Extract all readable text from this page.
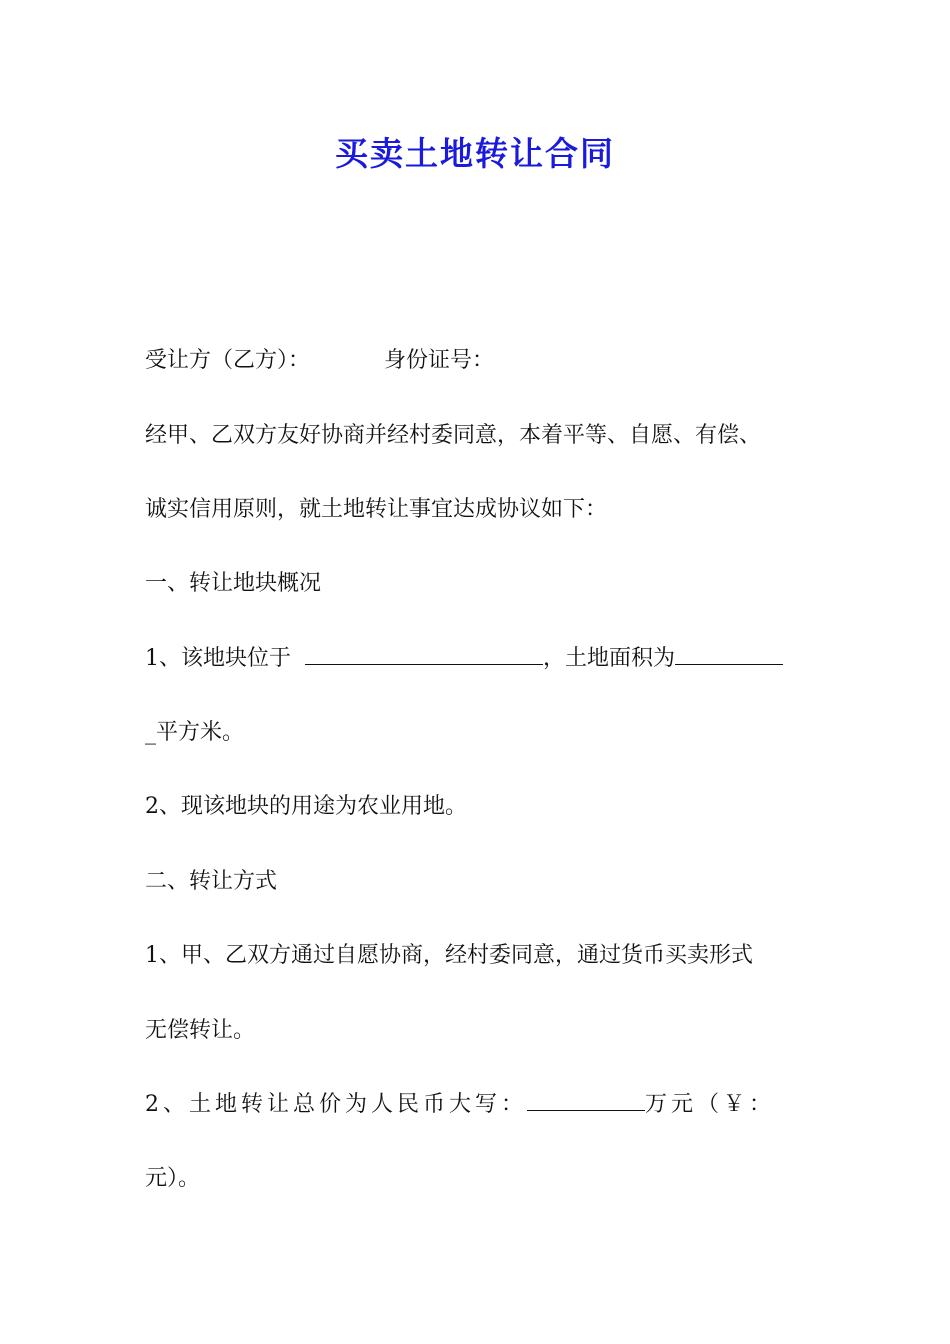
买卖土地转让合同
受让方（乙方）：	身份证号：
经甲、乙双方友好协商并经村委同意，本着平等、自愿、有偿、
诚实信用原则，就土地转让事宜达成协议如下：
一、转让地块概况
1、该地块位于	，土地面积为
_平方米。
2、现该地块的用途为农业用地。
二、转让方式
1、甲、乙双方通过自愿协商，经村委同意，通过货币买卖形式
无偿转让。
2、土地转让总价为人民币大写：	万元（￥：
元）。
